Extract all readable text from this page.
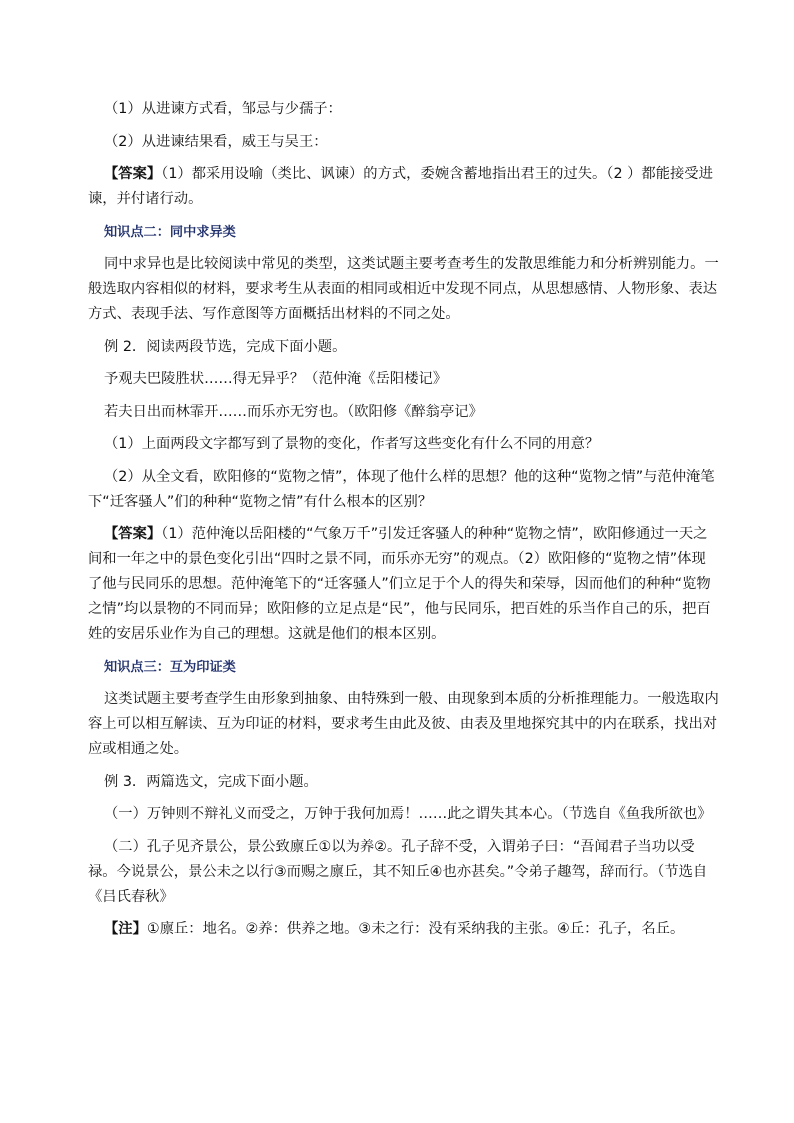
（1）从进谏方式看，邹忌与少孺子：

（2）从进谏结果看，威王与吴王：

【答案】（1）都采用设喻（类比、讽谏）的方式，委婉含蓄地指出君王的过失。（2 ）都能接受进谏，并付诸行动。

知识点二：同中求异类

同中求异也是比较阅读中常见的类型，这类试题主要考查考生的发散思维能力和分析辨别能力。一般选取内容相似的材料，要求考生从表面的相同或相近中发现不同点，从思想感情、人物形象、表达方式、表现手法、写作意图等方面概括出材料的不同之处。

例 2．阅读两段节选，完成下面小题。

予观夫巴陵胜状……得无异乎？（范仲淹《岳阳楼记》

若夫日出而林霏开……而乐亦无穷也。（欧阳修《醉翁亭记》

（1）上面两段文字都写到了景物的变化，作者写这些变化有什么不同的用意？

（2）从全文看，欧阳修的“览物之情”，体现了他什么样的思想？他的这种“览物之情”与范仲淹笔下“迁客骚人”们的种种“览物之情”有什么根本的区别？

【答案】（1）范仲淹以岳阳楼的“气象万千”引发迁客骚人的种种“览物之情”，欧阳修通过一天之间和一年之中的景色变化引出“四时之景不同，而乐亦无穷”的观点。（2）欧阳修的“览物之情”体现了他与民同乐的思想。范仲淹笔下的“迁客骚人”们立足于个人的得失和荣辱，因而他们的种种“览物之情”均以景物的不同而异；欧阳修的立足点是“民”，他与民同乐，把百姓的乐当作自己的乐，把百姓的安居乐业作为自己的理想。这就是他们的根本区别。

知识点三：互为印证类

这类试题主要考查学生由形象到抽象、由特殊到一般、由现象到本质的分析推理能力。一般选取内容上可以相互解读、互为印证的材料，要求考生由此及彼、由表及里地探究其中的内在联系，找出对应或相通之处。

例 3．两篇选文，完成下面小题。

（一）万钟则不辩礼义而受之，万钟于我何加焉！……此之谓失其本心。（节选自《鱼我所欲也》

（二）孔子见齐景公，景公致廪丘①以为养②。孔子辞不受，入谓弟子曰：“吾闻君子当功以受禄。今说景公，景公未之以行③而赐之廪丘，其不知丘④也亦甚矣。”令弟子趣驾，辞而行。（节选自《吕氏春秋》

【注】①廪丘：地名。②养：供养之地。③未之行：没有采纳我的主张。④丘：孔子，名丘。
